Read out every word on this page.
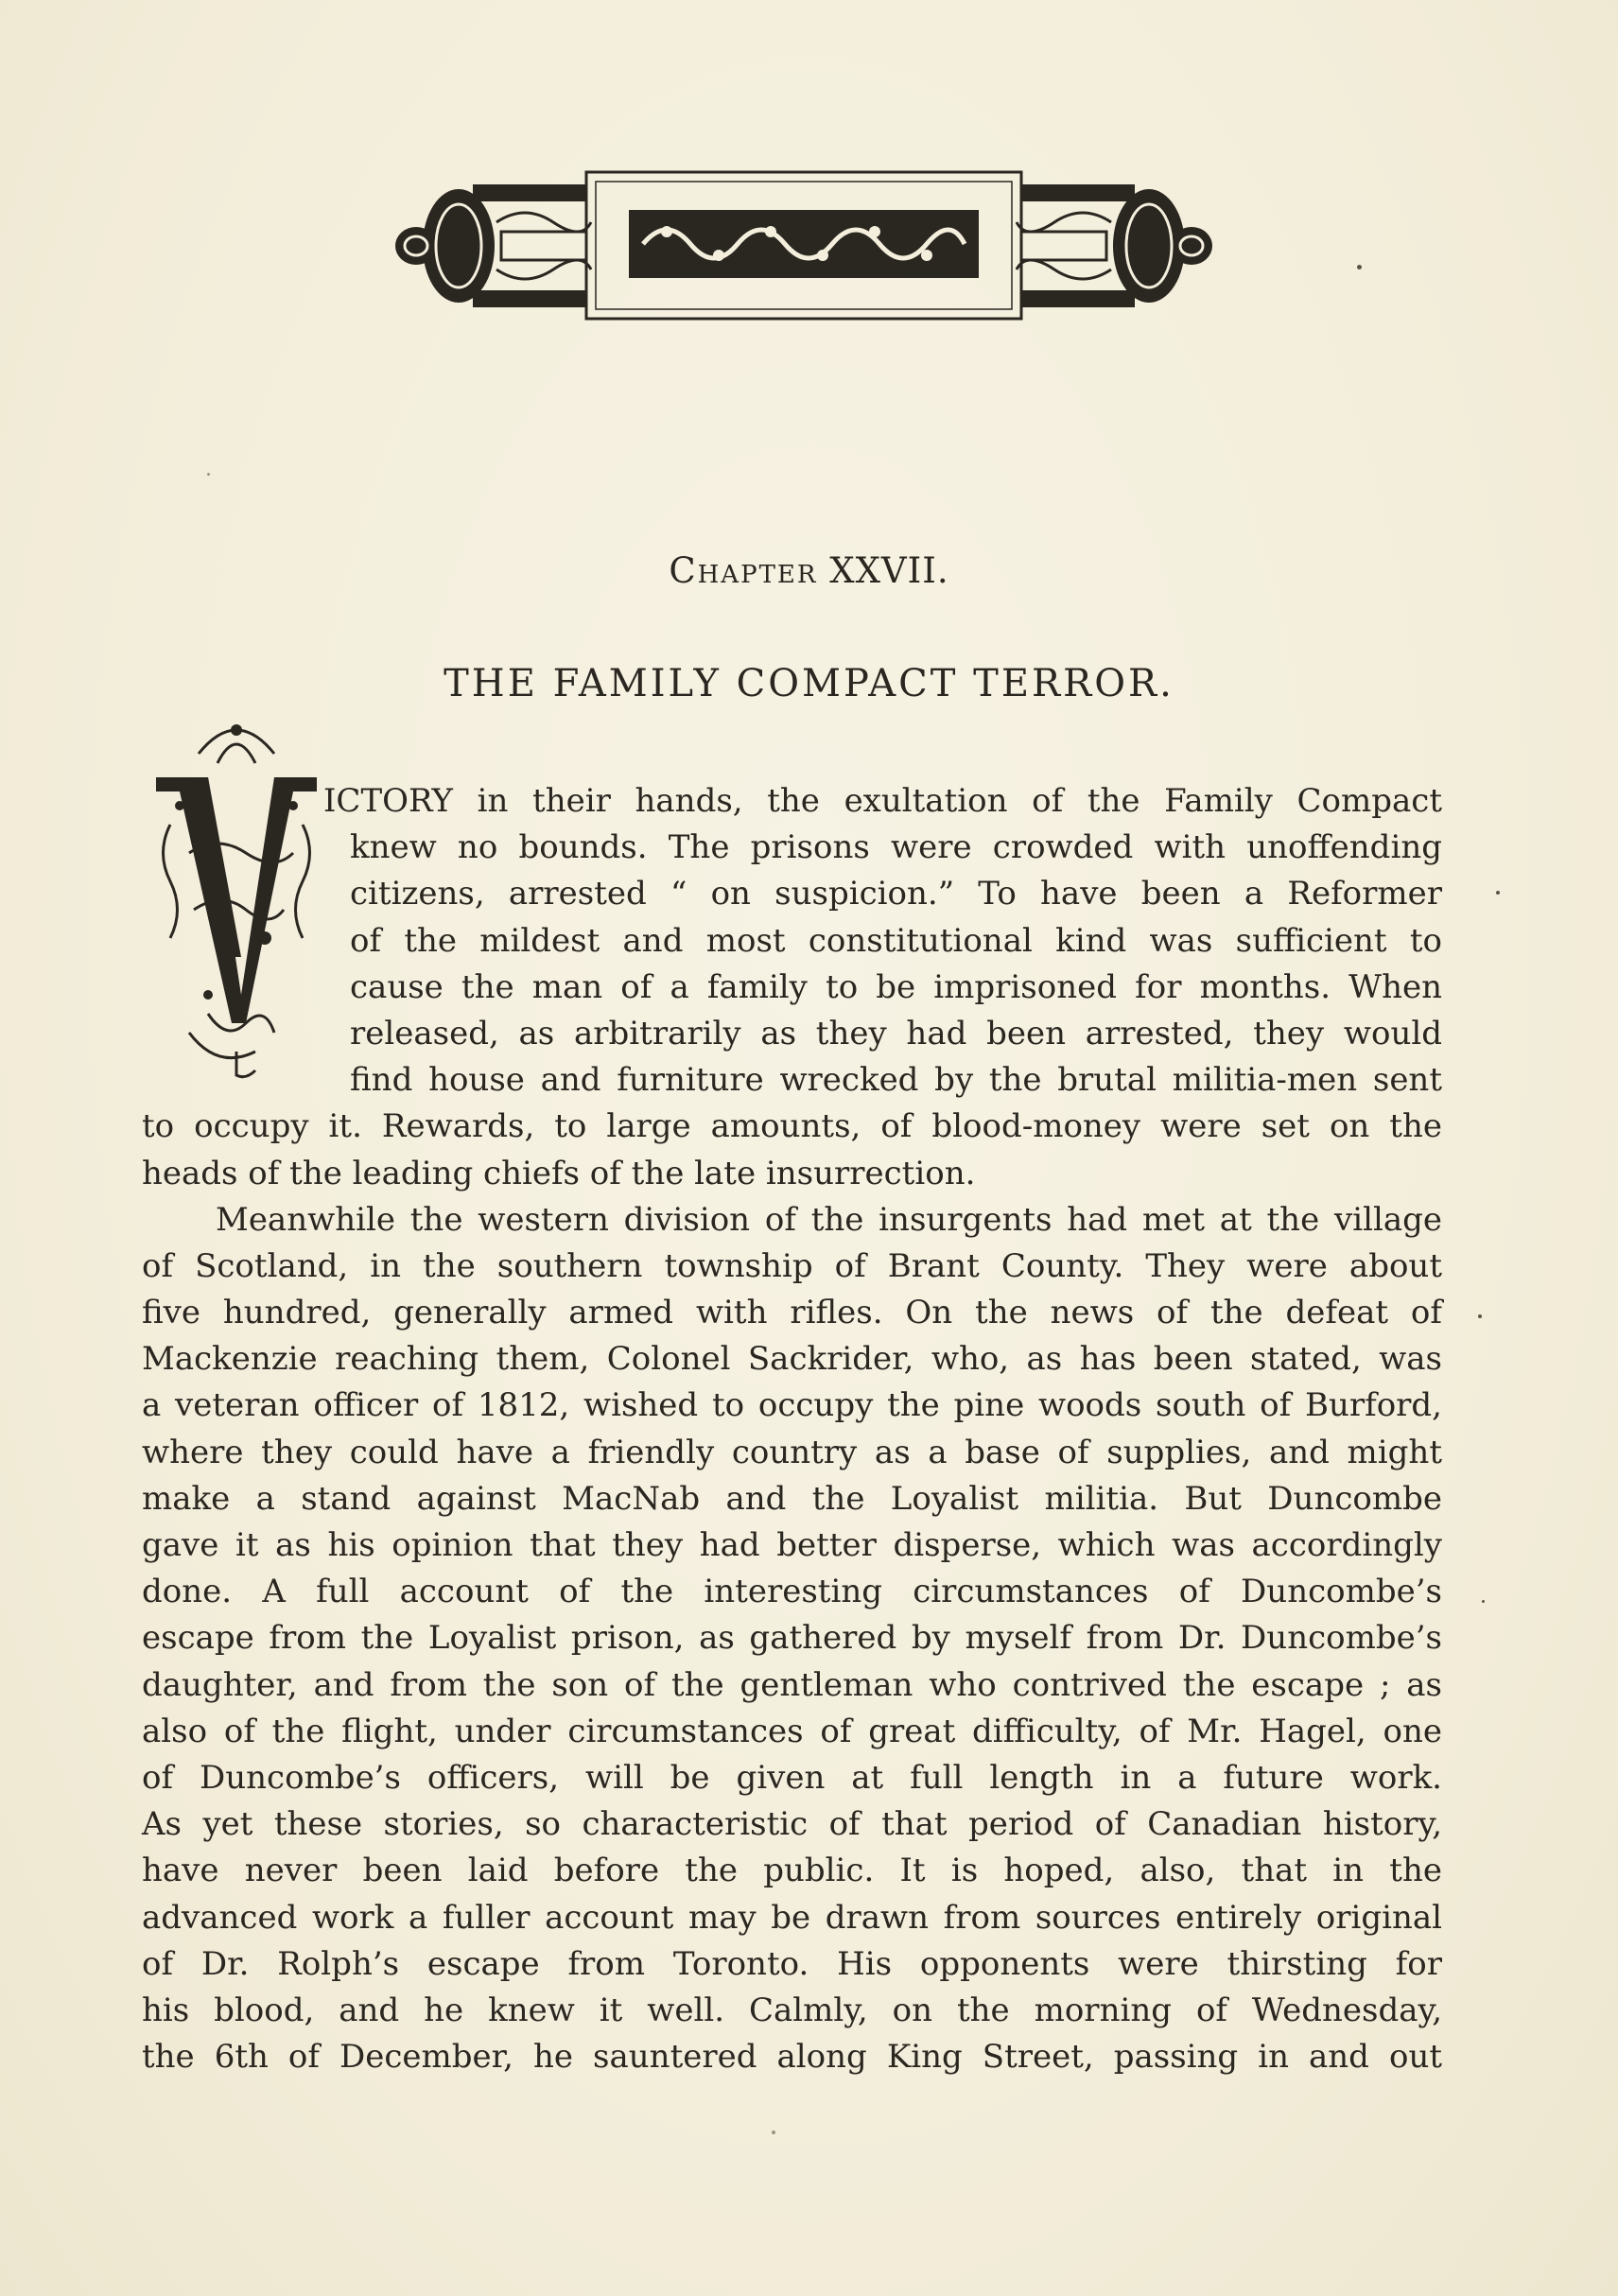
Chapter XXVII.
THE FAMILY COMPACT TERROR.
ICTORY in their hands, the exultation of the Family Compact
knew no bounds. The prisons were crowded with unoffending
citizens, arrested “ on suspicion.” To have been a Reformer
of the mildest and most constitutional kind was sufficient to
cause the man of a family to be imprisoned for months. When
released, as arbitrarily as they had been arrested, they would
find house and furniture wrecked by the brutal militia-men sent
to occupy it. Rewards, to large amounts, of blood-money were set on the
heads of the leading chiefs of the late insurrection.
Meanwhile the western division of the insurgents had met at the village
of Scotland, in the southern township of Brant County. They were about
five hundred, generally armed with rifles. On the news of the defeat of
Mackenzie reaching them, Colonel Sackrider, who, as has been stated, was
a veteran officer of 1812, wished to occupy the pine woods south of Burford,
where they could have a friendly country as a base of supplies, and might
make a stand against MacNab and the Loyalist militia. But Duncombe
gave it as his opinion that they had better disperse, which was accordingly
done. A full account of the interesting circumstances of Duncombe’s
escape from the Loyalist prison, as gathered by myself from Dr. Duncombe’s
daughter, and from the son of the gentleman who contrived the escape ; as
also of the flight, under circumstances of great difficulty, of Mr. Hagel, one
of Duncombe’s officers, will be given at full length in a future work.
As yet these stories, so characteristic of that period of Canadian history,
have never been laid before the public. It is hoped, also, that in the
advanced work a fuller account may be drawn from sources entirely original
of Dr. Rolph’s escape from Toronto. His opponents were thirsting for
his blood, and he knew it well. Calmly, on the morning of Wednesday,
the 6th of December, he sauntered along King Street, passing in and out
